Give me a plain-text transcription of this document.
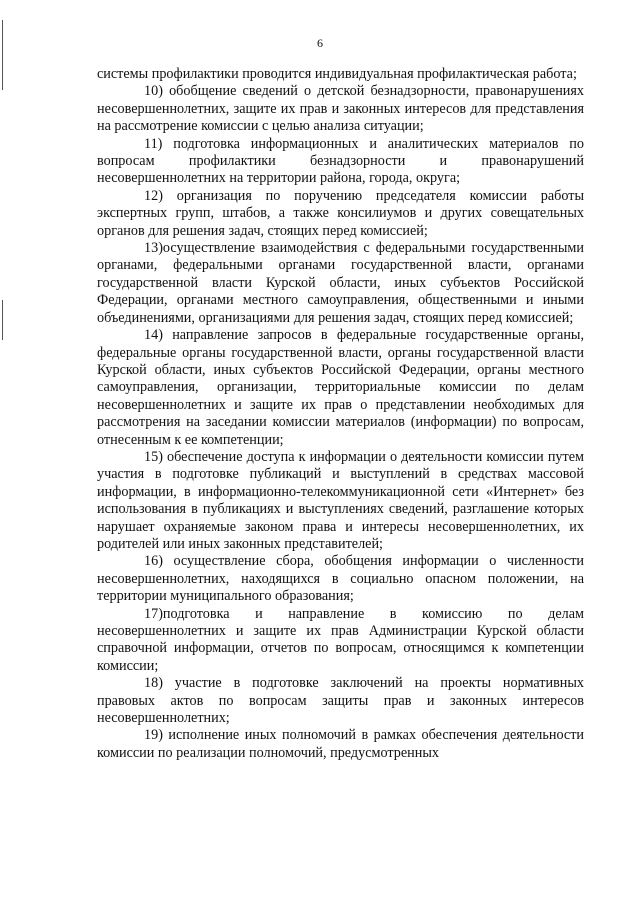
6

системы профилактики проводится индивидуальная профилактическая работа;

10) обобщение сведений о детской безнадзорности, правонарушениях несовершеннолетних, защите их прав и законных интересов для представления на рассмотрение комиссии с целью анализа ситуации;

11) подготовка информационных и аналитических материалов по вопросам профилактики безнадзорности и правонарушений несовершеннолетних на территории района, города, округа;

12) организация по поручению председателя комиссии работы экспертных групп, штабов, а также консилиумов и других совещательных органов для решения задач, стоящих перед комиссией;

13)осуществление взаимодействия с федеральными государственными органами, федеральными органами государственной власти, органами государственной власти Курской области, иных субъектов Российской Федерации, органами местного самоуправления, общественными и иными объединениями, организациями для решения задач, стоящих перед комиссией;

14) направление запросов в федеральные государственные органы, федеральные органы государственной власти, органы государственной власти Курской области, иных субъектов Российской Федерации, органы местного самоуправления, организации, территориальные комиссии по делам несовершеннолетних и защите их прав о представлении необходимых для рассмотрения на заседании комиссии материалов (информации) по вопросам, отнесенным к ее компетенции;

15) обеспечение доступа к информации о деятельности комиссии путем участия в подготовке публикаций и выступлений в средствах массовой информации, в информационно-телекоммуникационной сети «Интернет» без использования в публикациях и выступлениях сведений, разглашение которых нарушает охраняемые законом права и интересы несовершеннолетних, их родителей или иных законных представителей;

16) осуществление сбора, обобщения информации о численности несовершеннолетних, находящихся в социально опасном положении, на территории муниципального образования;

17)подготовка и направление в комиссию по делам несовершеннолетних и защите их прав Администрации Курской области справочной информации, отчетов по вопросам, относящимся к компетенции комиссии;

18) участие в подготовке заключений на проекты нормативных правовых актов по вопросам защиты прав и законных интересов несовершеннолетних;

19) исполнение иных полномочий в рамках обеспечения деятельности комиссии по реализации полномочий, предусмотренных
